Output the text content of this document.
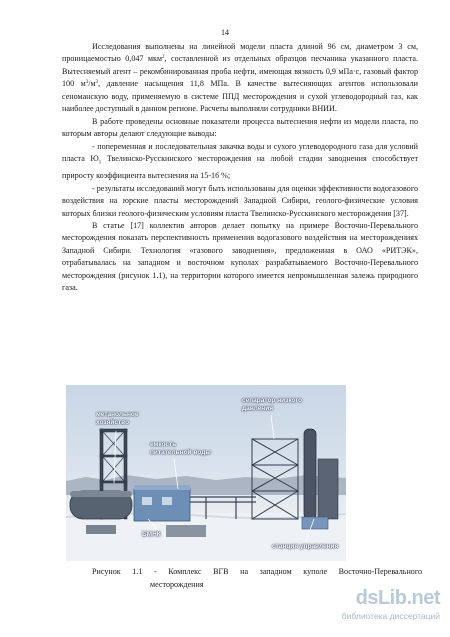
14

Исследования выполнены на линейной модели пласта длиной 96 см, диаметром 3 см, проницаемостью 0,047 мкм$^2$, составленной из отдельных образцов песчаника указанного пласта. Вытесняемый агент – рекомбинированная проба нефти, имеющая вязкость 0,9 мПа·с, газовый фактор 100 $м^3/м^3$, давление насыщения 11,8 МПа. В качестве вытесняющих агентов использовали сеноманскую воду, применяемую в системе ППД месторождения и сухой углеводородный газ, как наиболее доступный в данном регионе. Расчеты выполняли сотрудники ВНИИ.

В работе проведены основные показатели процесса вытеснения нефти из модели пласта, по которым авторы делают следующие выводы:

- попеременная и последовательная закачка воды и сухого углеводородного газа для условий пласта $Ю_1$ Твелинско-Русскинского месторождения на любой стадии заводнения способствует приросту коэффициента вытеснения на 15-16 %;

- результаты исследований могут быть использованы для оценки эффективности водогазового воздействия на юрские пласты месторождений Западной Сибири, геолого-физические условия которых близки геолого-физическим условиям пласта Твелинско-Русскинского месторождения [37].

В статье [17] коллектив авторов делает попытку на примере Восточно-Перевального месторождения показать перспективность применения водогазового воздействия на месторождениях Западной Сибири. Технология «газового заводнения», предложенная в ОАО «РИТЭК», отрабатывалась на западном и восточном куполах разрабатываемого Восточно-Перевального месторождения (рисунок 1.1), на территории которого имеется непромышленная залежь природного газа.

метанольное
хозяйство
сепаратор низкого
давления
емкость
питательной воды
БМНК
станция управления
Рисунок 1.1 - Комплекс ВГВ на западном куполе Восточно-Перевального
месторождения
dsLib.net
библиотека диссертаций
